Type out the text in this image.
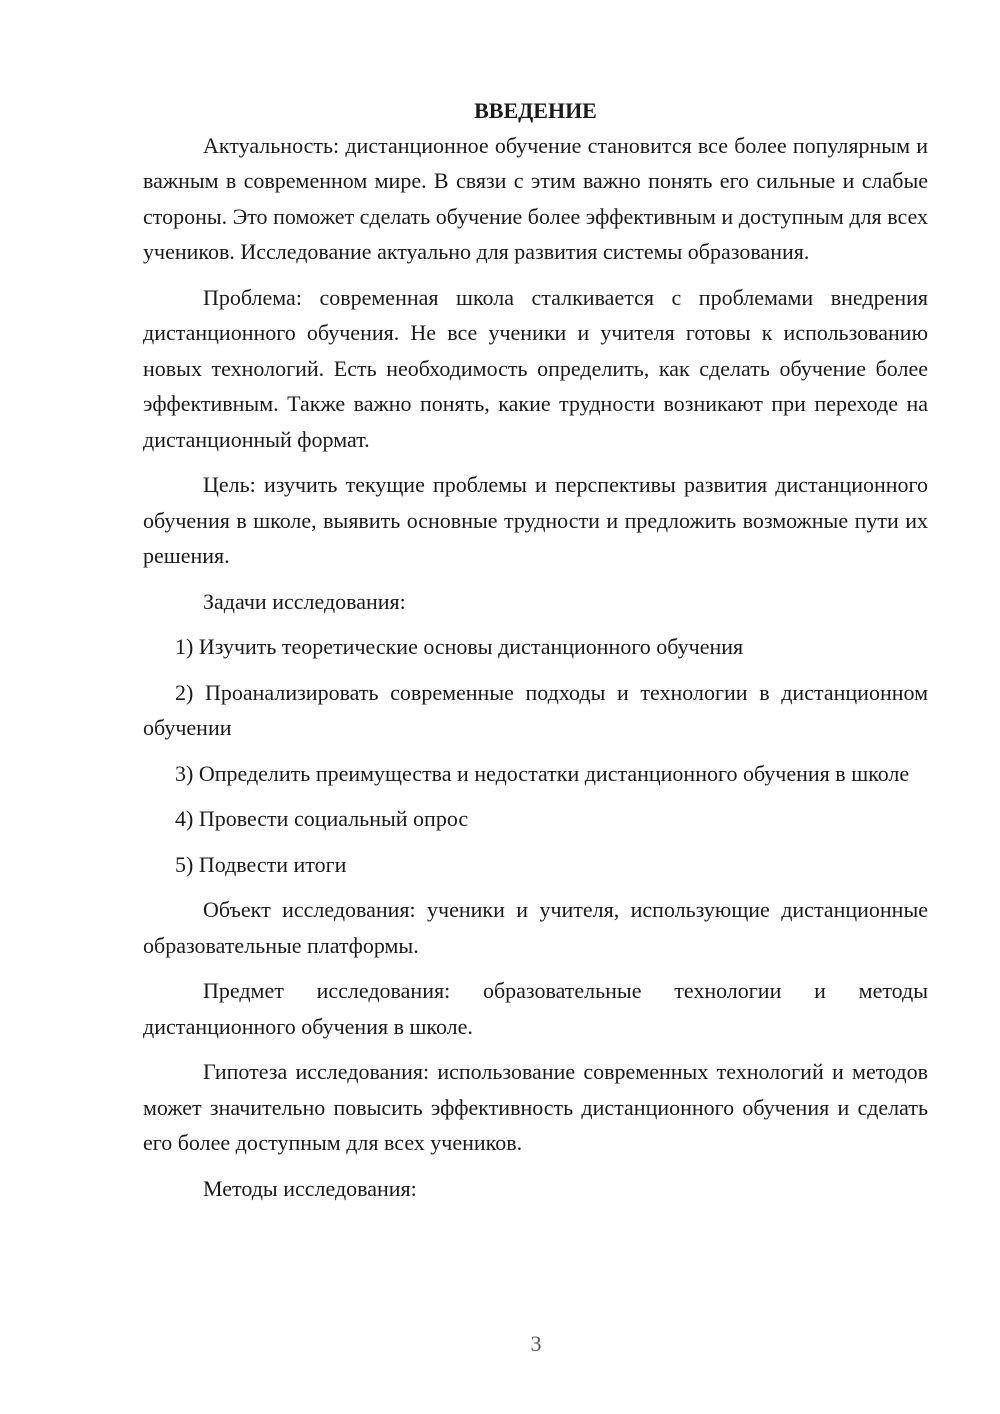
ВВЕДЕНИЕ

Актуальность: дистанционное обучение становится все более популярным и важным в современном мире. В связи с этим важно понять его сильные и слабые стороны. Это поможет сделать обучение более эффективным и доступным для всех учеников. Исследование актуально для развития системы образования.

Проблема: современная школа сталкивается с проблемами внедрения дистанционного обучения. Не все ученики и учителя готовы к использованию новых технологий. Есть необходимость определить, как сделать обучение более эффективным. Также важно понять, какие трудности возникают при переходе на дистанционный формат.

Цель: изучить текущие проблемы и перспективы развития дистанционного обучения в школе, выявить основные трудности и предложить возможные пути их решения.

Задачи исследования:

1) Изучить теоретические основы дистанционного обучения

2) Проанализировать современные подходы и технологии в дистанционном обучении

3) Определить преимущества и недостатки дистанционного обучения в школе

4) Провести социальный опрос

5) Подвести итоги

Объект исследования: ученики и учителя, использующие дистанционные образовательные платформы.

Предмет исследования: образовательные технологии и методы дистанционного обучения в школе.

Гипотеза исследования: использование современных технологий и методов может значительно повысить эффективность дистанционного обучения и сделать его более доступным для всех учеников.

Методы исследования:

3
